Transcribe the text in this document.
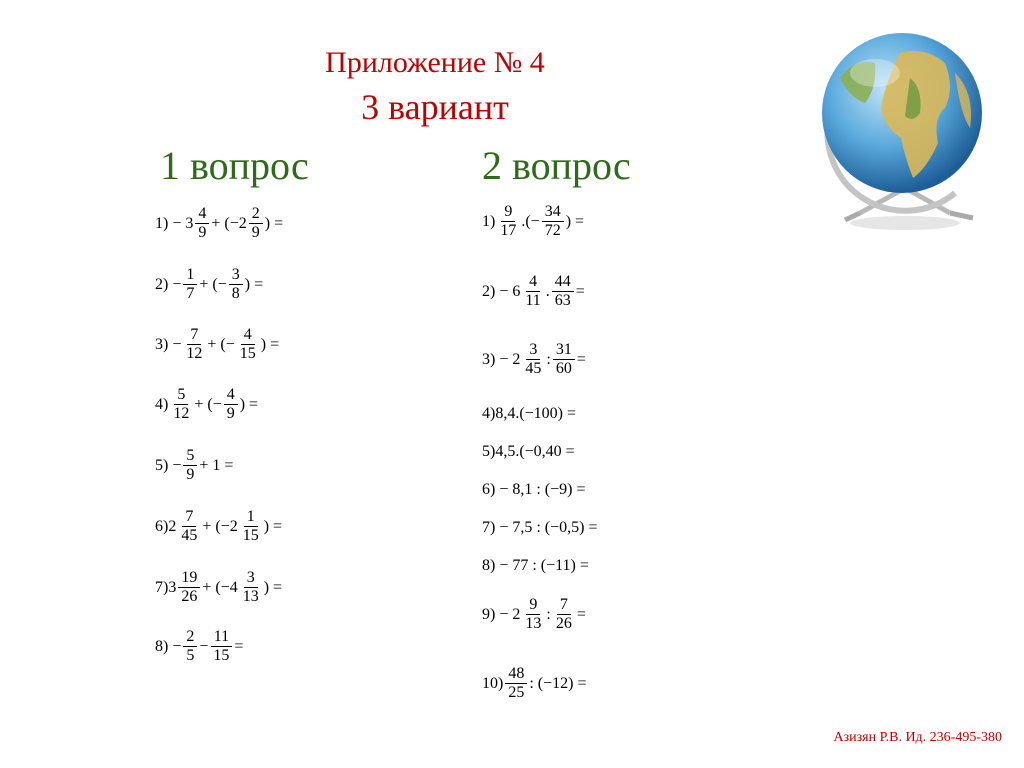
Приложение № 4
3 вариант
1 вопрос	2 вопрос
Азизян Р.В. Ид. 236-495-380
$1) - 3 \frac{4}{9} + (-2 \frac{2}{9}$ ) =
$2) - \frac{1}{7}$ + (− $\frac{3}{8}$ ) =
$3) - \frac{7}{12}$ + (− $\frac{4}{15}$ ) =
$4) \frac{5}{12}$ + (− $\frac{4}{9}$ ) =
$5) - \frac{5}{9} + 1$ =
$6)2 \frac{7}{45} + (-2 \frac{1}{15}$ ) =
$7)3 \frac{19}{26} + (-4 \frac{3}{13}$ ) =
$8) - \frac{2}{5} - \frac{11}{15}$ =
$1) \frac{9}{17}$ .(− $\frac{34}{72}$ ) =
$2) - 6 \frac{4}{11}$ . $\frac{44}{63}$ =
$3) - 2 \frac{3}{45}$ : $\frac{31}{60}$ =
4)8,4.(−100) =
5)4,5.(−0,40 =
6) − 8,1 : (−9) =
7) − 7,5 : (−0,5) =
8) − 77 : (−11) =
$9) - 2 \frac{9}{13}$ : $\frac{7}{26}$ =
$10) \frac{48}{25}$ : (−12) =
